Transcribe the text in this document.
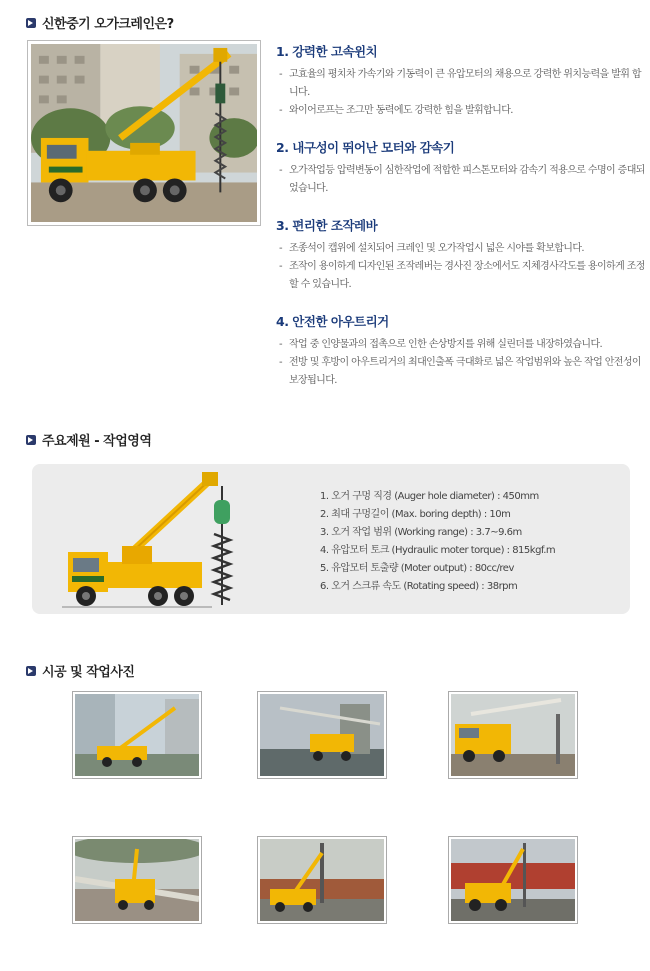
신한중기 오가크레인은?
1. 강력한 고속윈치
- 고효율의 평치차 가속기와 기동력이 큰 유압모터의 채용으로 강력한 위치능력을 발휘 합니다.
- 와이어로프는 조그만 동력에도 강력한 힘을 발휘합니다.
2. 내구성이 뛰어난 모터와 감속기
- 오가작업등 압력변동이 심한작업에 적합한 피스톤모터와 감속기 적용으로 수명이 증대되었습니다.
3. 편리한 조작레바
- 조종석이 캡위에 설치되어 크레인 및 오가작업시 넓은 시야를 확보합니다.
- 조작이 용이하게 디자인된 조작레버는 경사진 장소에서도 지체경사각도를 용이하게 조정할 수 있습니다.
4. 안전한 아우트리거
- 작업 중 인양물과의 접촉으로 인한 손상방지를 위해 실린더를 내장하였습니다.
- 전방 및 후방이 아우트리거의 최대인출폭 극대화로 넓은 작업범위와 높은 작업 안전성이 보장됩니다.
주요제원 - 작업영역
1. 오거 구멍 직경 (Auger hole diameter) : 450mm
2. 최대 구멍길이 (Max. boring depth) : 10m
3. 오거 작업 범위 (Working range) : 3.7~9.6m
4. 유압모터 토크 (Hydraulic moter torque) : 815kgf.m
5. 유압모터 토출량 (Moter output) : 80cc/rev
6. 오거 스크류 속도 (Rotating speed) : 38rpm
시공 및 작업사진
